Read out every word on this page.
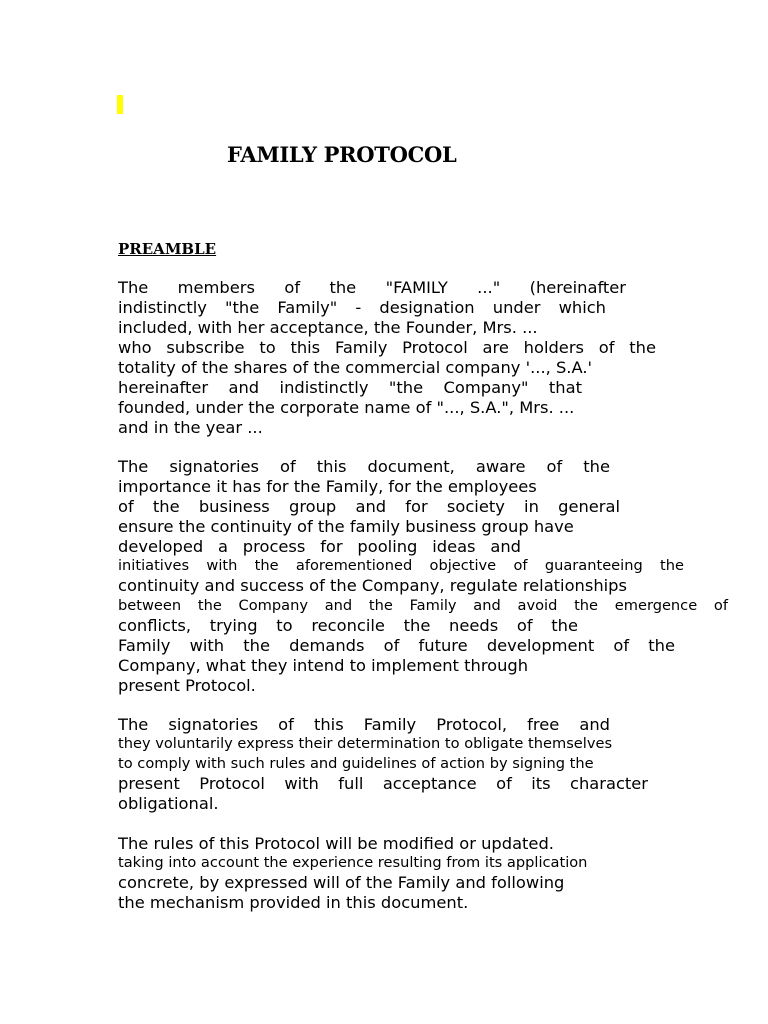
FAMILY PROTOCOL
PREAMBLE
The members of the "FAMILY ..." (hereinafter
indistinctly "the Family" - designation under which
included, with her acceptance, the Founder, Mrs. ...
who subscribe to this Family Protocol are holders of the
totality of the shares of the commercial company '..., S.A.'
hereinafter and indistinctly "the Company" that
founded, under the corporate name of "..., S.A.", Mrs. ...
and in the year ...
The signatories of this document, aware of the
importance it has for the Family, for the employees
of the business group and for society in general
ensure the continuity of the family business group have
developed a process for pooling ideas and
initiatives with the aforementioned objective of guaranteeing the
continuity and success of the Company, regulate relationships
between the Company and the Family and avoid the emergence of
conflicts, trying to reconcile the needs of the
Family with the demands of future development of the
Company, what they intend to implement through
present Protocol.
The signatories of this Family Protocol, free and
they voluntarily express their determination to obligate themselves
to comply with such rules and guidelines of action by signing the
present Protocol with full acceptance of its character
obligational.
The rules of this Protocol will be modified or updated.
taking into account the experience resulting from its application
concrete, by expressed will of the Family and following
the mechanism provided in this document.
